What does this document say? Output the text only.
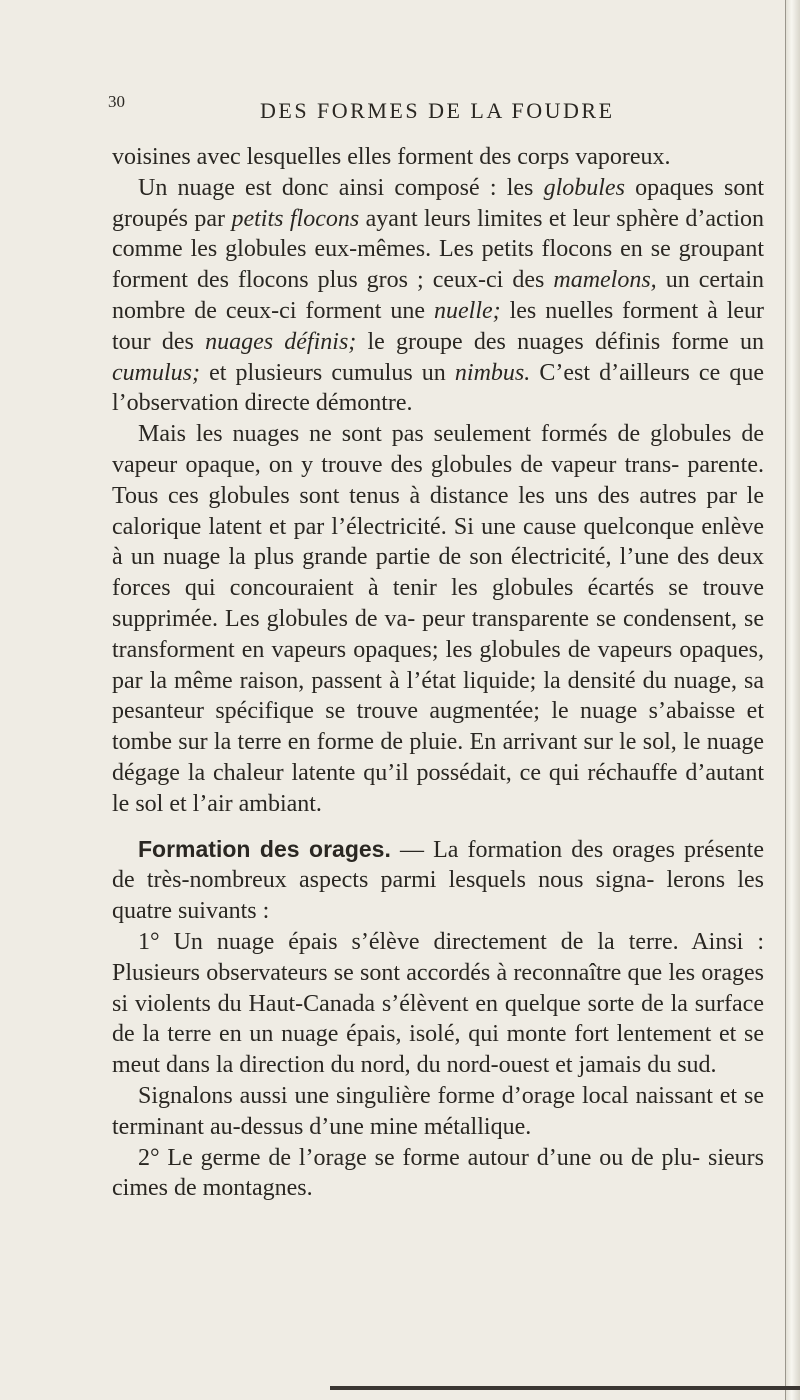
30	DES FORMES DE LA FOUDRE

voisines avec lesquelles elles forment des corps vaporeux.

Un nuage est donc ainsi composé : les globules opaques sont groupés par petits flocons ayant leurs limites et leur sphère d’action comme les globules eux-mêmes. Les petits flocons en se groupant forment des flocons plus gros ; ceux-ci des mamelons, un certain nombre de ceux-ci forment une nuelle; les nuelles forment à leur tour des nuages définis; le groupe des nuages définis forme un cumulus; et plusieurs cumulus un nimbus. C’est d’ailleurs ce que l’observation directe démontre.

Mais les nuages ne sont pas seulement formés de globules de vapeur opaque, on y trouve des globules de vapeur trans- parente. Tous ces globules sont tenus à distance les uns des autres par le calorique latent et par l’électricité. Si une cause quelconque enlève à un nuage la plus grande partie de son électricité, l’une des deux forces qui concouraient à tenir les globules écartés se trouve supprimée. Les globules de va- peur transparente se condensent, se transforment en vapeurs opaques; les globules de vapeurs opaques, par la même raison, passent à l’état liquide; la densité du nuage, sa pesanteur spécifique se trouve augmentée; le nuage s’abaisse et tombe sur la terre en forme de pluie. En arrivant sur le sol, le nuage dégage la chaleur latente qu’il possédait, ce qui réchauffe d’autant le sol et l’air ambiant.

Formation des orages. — La formation des orages présente de très-nombreux aspects parmi lesquels nous signa- lerons les quatre suivants :

1° Un nuage épais s’élève directement de la terre. Ainsi : Plusieurs observateurs se sont accordés à reconnaître que les orages si violents du Haut-Canada s’élèvent en quelque sorte de la surface de la terre en un nuage épais, isolé, qui monte fort lentement et se meut dans la direction du nord, du nord-ouest et jamais du sud.

Signalons aussi une singulière forme d’orage local naissant et se terminant au-dessus d’une mine métallique.

2° Le germe de l’orage se forme autour d’une ou de plu- sieurs cimes de montagnes.
